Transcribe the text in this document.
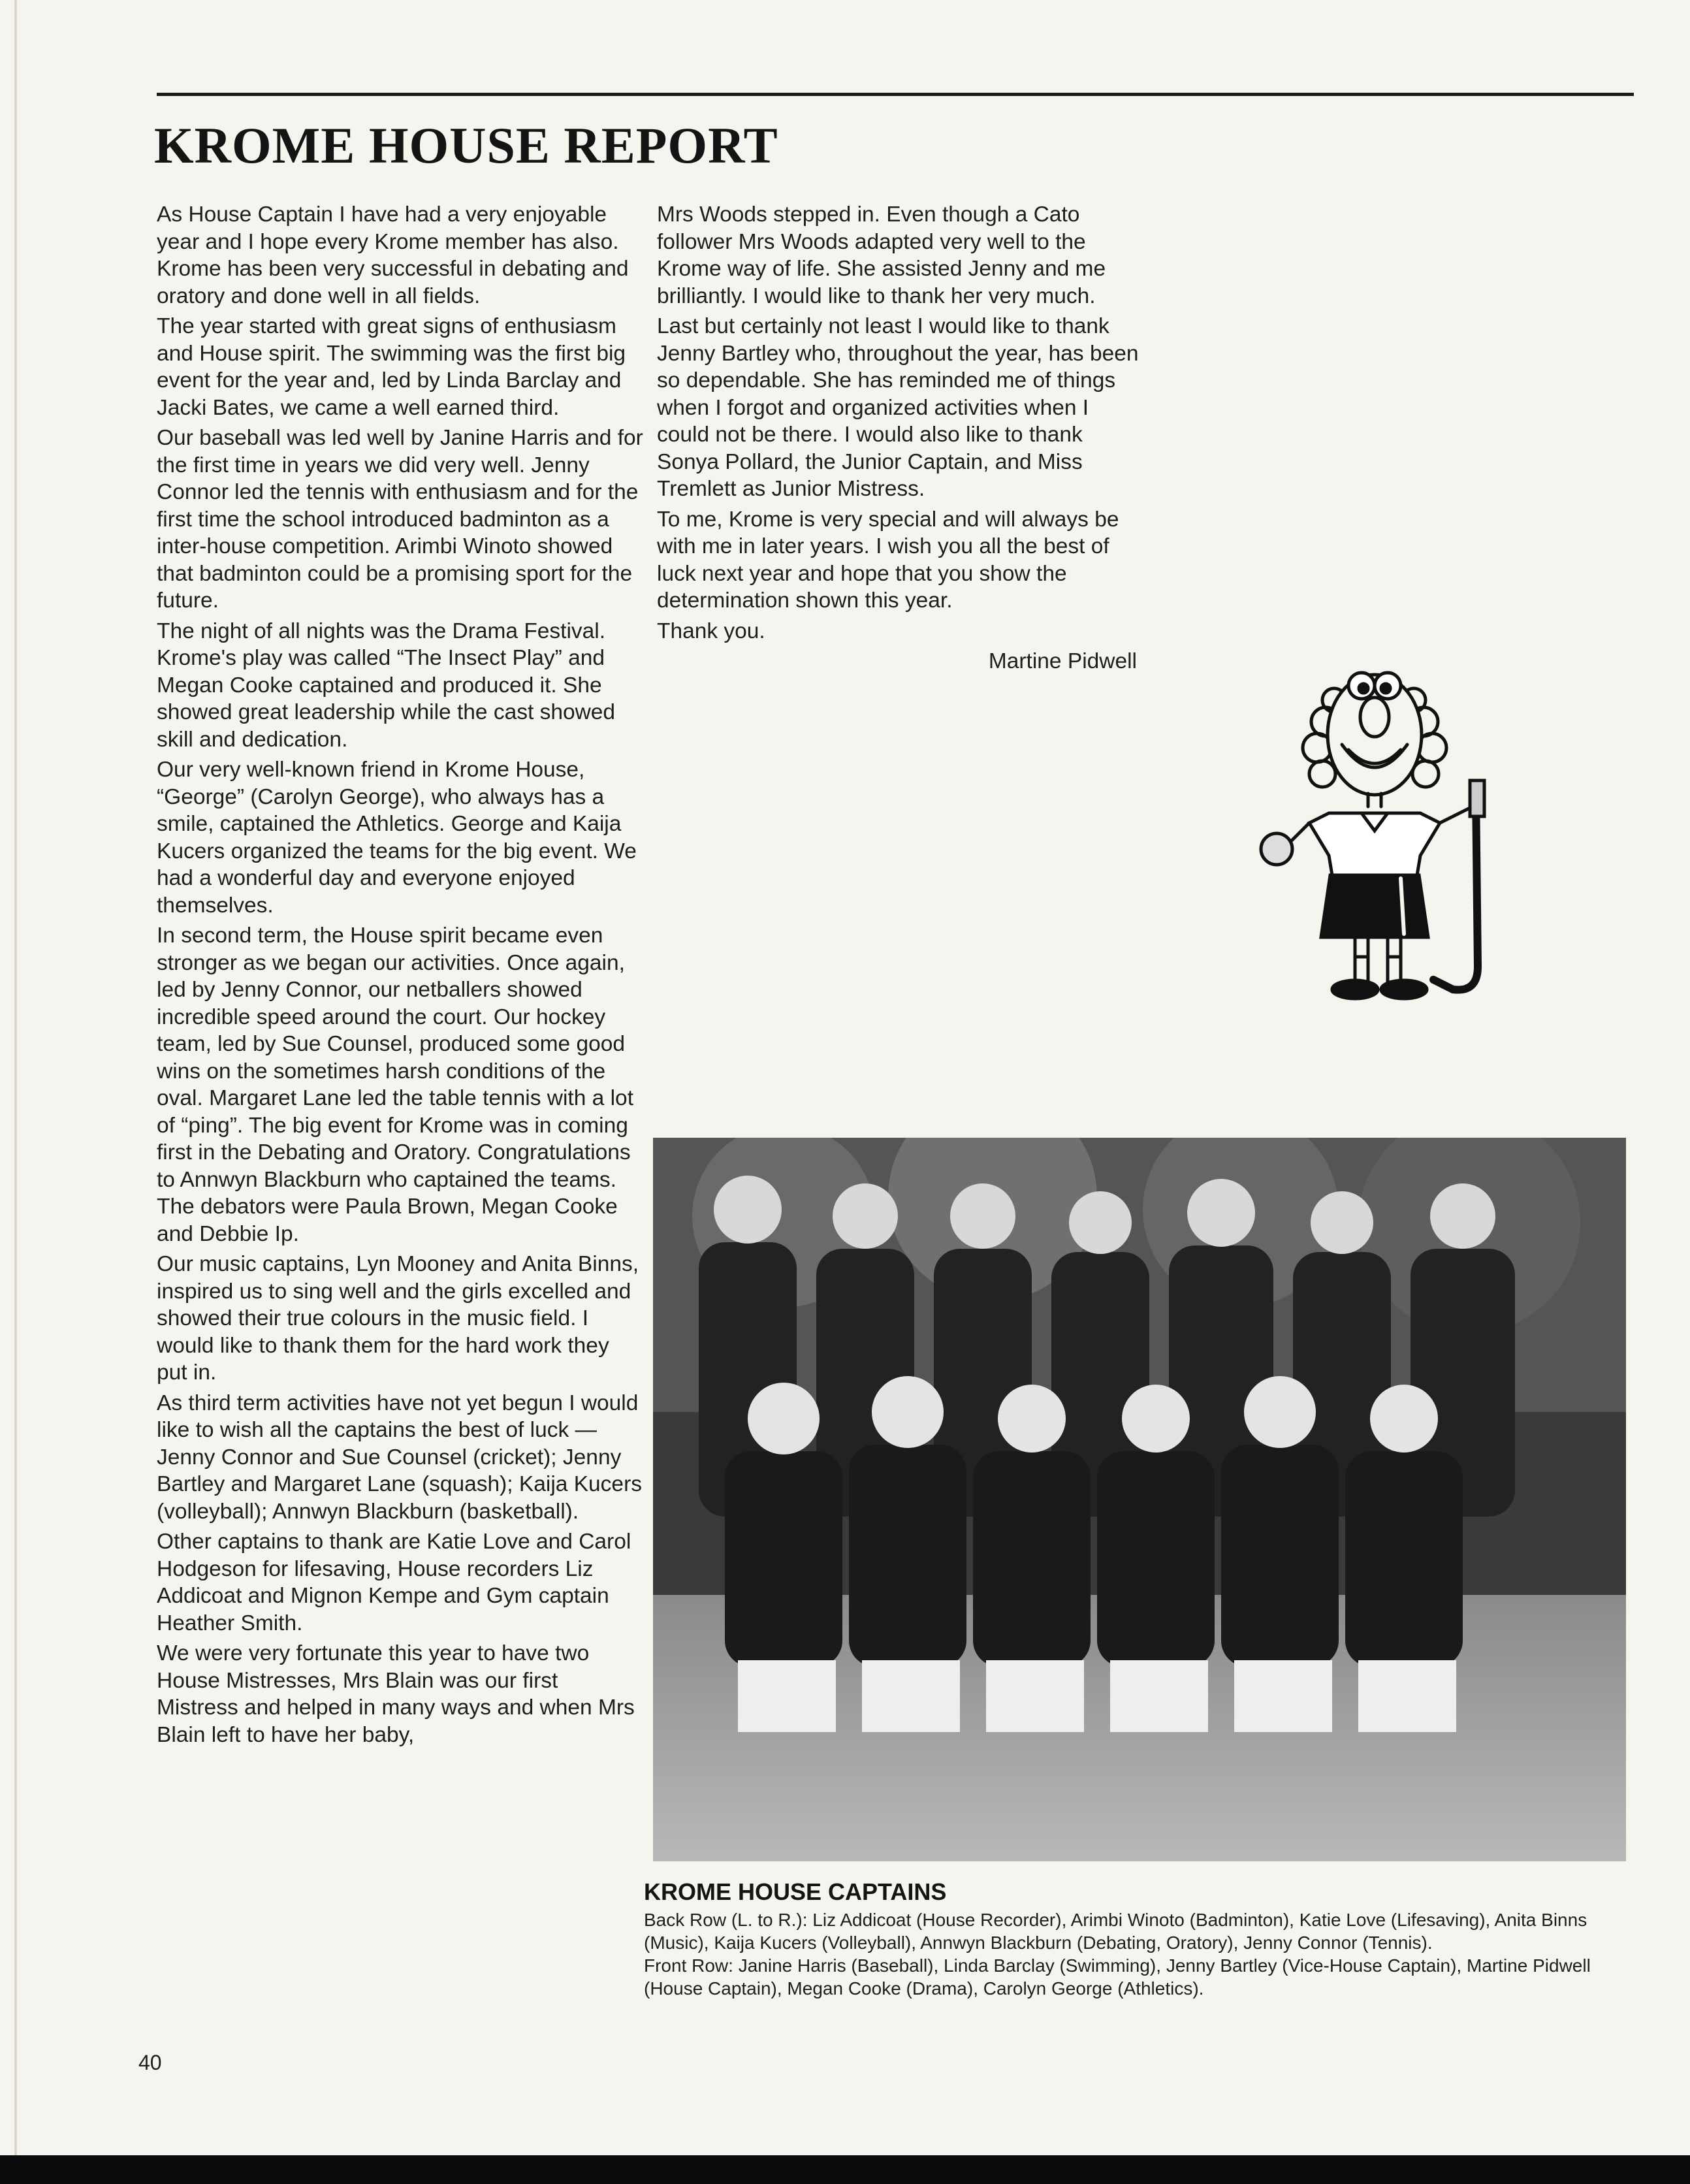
KROME HOUSE REPORT

As House Captain I have had a very enjoyable year and I hope every Krome member has also. Krome has been very successful in debating and oratory and done well in all fields.

The year started with great signs of enthusiasm and House spirit. The swimming was the first big event for the year and, led by Linda Barclay and Jacki Bates, we came a well earned third.

Our baseball was led well by Janine Harris and for the first time in years we did very well. Jenny Connor led the tennis with enthusiasm and for the first time the school introduced badminton as a inter-house competition. Arimbi Winoto showed that badminton could be a promising sport for the future.

The night of all nights was the Drama Festival. Krome's play was called “The Insect Play” and Megan Cooke captained and produced it. She showed great leadership while the cast showed skill and dedication.

Our very well-known friend in Krome House, “George” (Carolyn George), who always has a smile, captained the Athletics. George and Kaija Kucers organized the teams for the big event. We had a wonderful day and everyone enjoyed themselves.

In second term, the House spirit became even stronger as we began our activities. Once again, led by Jenny Connor, our netballers showed incredible speed around the court. Our hockey team, led by Sue Counsel, produced some good wins on the sometimes harsh conditions of the oval. Margaret Lane led the table tennis with a lot of “ping”. The big event for Krome was in coming first in the Debating and Oratory. Congratulations to Annwyn Blackburn who captained the teams. The debators were Paula Brown, Megan Cooke and Debbie Ip.

Our music captains, Lyn Mooney and Anita Binns, inspired us to sing well and the girls excelled and showed their true colours in the music field. I would like to thank them for the hard work they put in.

As third term activities have not yet begun I would like to wish all the captains the best of luck — Jenny Connor and Sue Counsel (cricket); Jenny Bartley and Margaret Lane (squash); Kaija Kucers (volleyball); Annwyn Blackburn (basketball).

Other captains to thank are Katie Love and Carol Hodgeson for lifesaving, House recorders Liz Addicoat and Mignon Kempe and Gym captain Heather Smith.

We were very fortunate this year to have two House Mistresses, Mrs Blain was our first Mistress and helped in many ways and when Mrs Blain left to have her baby,

Mrs Woods stepped in. Even though a Cato follower Mrs Woods adapted very well to the Krome way of life. She assisted Jenny and me brilliantly. I would like to thank her very much.

Last but certainly not least I would like to thank Jenny Bartley who, throughout the year, has been so dependable. She has reminded me of things when I forgot and organized activities when I could not be there. I would also like to thank Sonya Pollard, the Junior Captain, and Miss Tremlett as Junior Mistress.

To me, Krome is very special and will always be with me in later years. I wish you all the best of luck next year and hope that you show the determination shown this year.

Thank you.

Martine Pidwell

KROME HOUSE CAPTAINS
Back Row (L. to R.): Liz Addicoat (House Recorder), Arimbi Winoto (Badminton), Katie Love (Lifesaving), Anita Binns (Music), Kaija Kucers (Volleyball), Annwyn Blackburn (Debating, Oratory), Jenny Connor (Tennis).
Front Row: Janine Harris (Baseball), Linda Barclay (Swimming), Jenny Bartley (Vice-House Captain), Martine Pidwell (House Captain), Megan Cooke (Drama), Carolyn George (Athletics).
40
